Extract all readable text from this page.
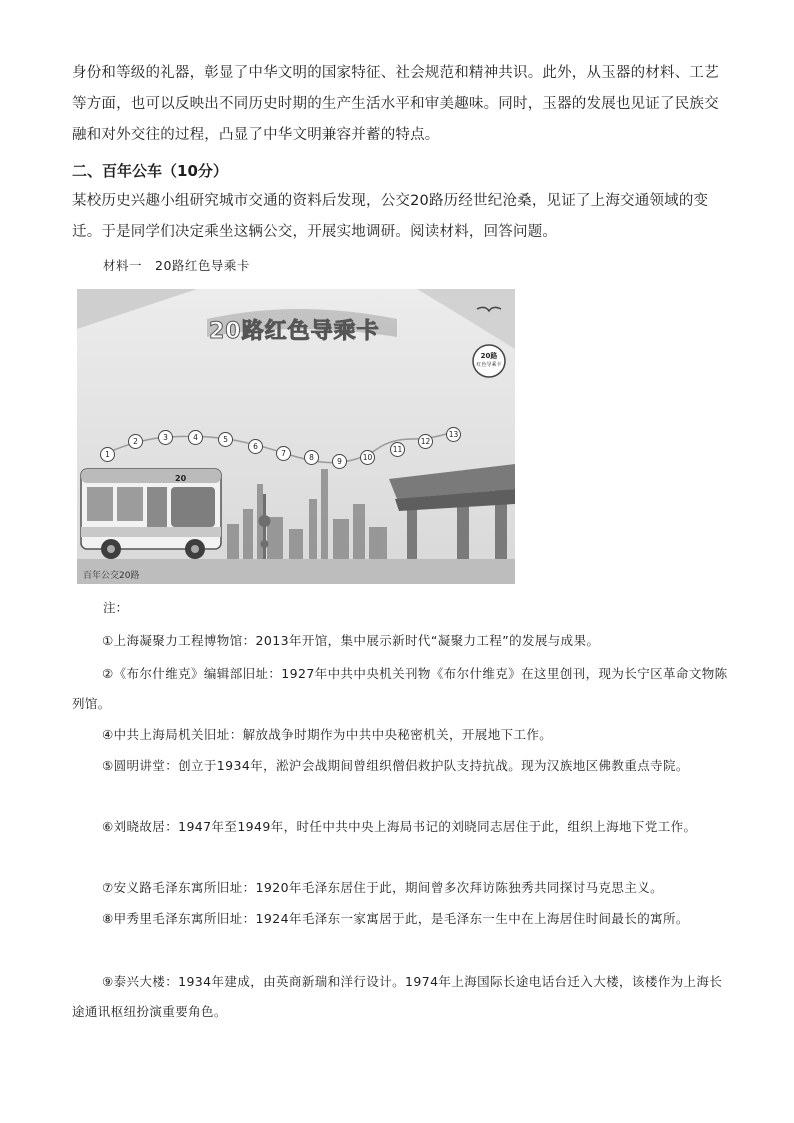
身份和等级的礼器，彰显了中华文明的国家特征、社会规范和精神共识。此外，从玉器的材料、工艺等方面，也可以反映出不同历史时期的生产生活水平和审美趣味。同时，玉器的发展也见证了民族交融和对外交往的过程，凸显了中华文明兼容并蓄的特点。
二、百年公车（10分）
某校历史兴趣小组研究城市交通的资料后发现，公交20路历经世纪沧桑，见证了上海交通领域的变迁。于是同学们决定乘坐这辆公交，开展实地调研。阅读材料，回答问题。
材料一　20路红色导乘卡
20路红色导乘卡
20路
红色导乘卡
20
百年公交20路
1
2	3	4	5
6
7	8	9	10
11
12
13
注：
①上海凝聚力工程博物馆：2013年开馆，集中展示新时代“凝聚力工程”的发展与成果。
②《布尔什维克》编辑部旧址：1927年中共中央机关刊物《布尔什维克》在这里创刊，现为长宁区革命文物陈列馆。
④中共上海局机关旧址：解放战争时期作为中共中央秘密机关，开展地下工作。
⑤圆明讲堂：创立于1934年，淞沪会战期间曾组织僧侣救护队支持抗战。现为汉族地区佛教重点寺院。
⑥刘晓故居：1947年至1949年，时任中共中央上海局书记的刘晓同志居住于此，组织上海地下党工作。
⑦安义路毛泽东寓所旧址：1920年毛泽东居住于此，期间曾多次拜访陈独秀共同探讨马克思主义。
⑧甲秀里毛泽东寓所旧址：1924年毛泽东一家寓居于此，是毛泽东一生中在上海居住时间最长的寓所。
⑨泰兴大楼：1934年建成，由英商新瑞和洋行设计。1974年上海国际长途电话台迁入大楼，该楼作为上海长途通讯枢纽扮演重要角色。
